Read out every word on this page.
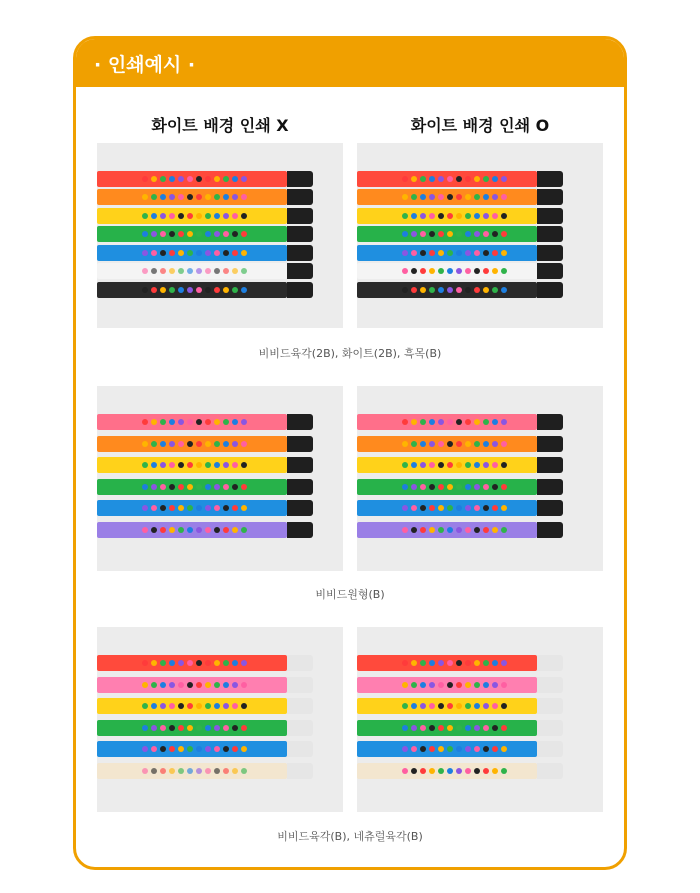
· 인쇄예시 ·
화이트 배경 인쇄 X	화이트 배경 인쇄 O
비비드육각(2B), 화이트(2B), 흑목(B)
비비드원형(B)
비비드육각(B), 네츄럴육각(B)
